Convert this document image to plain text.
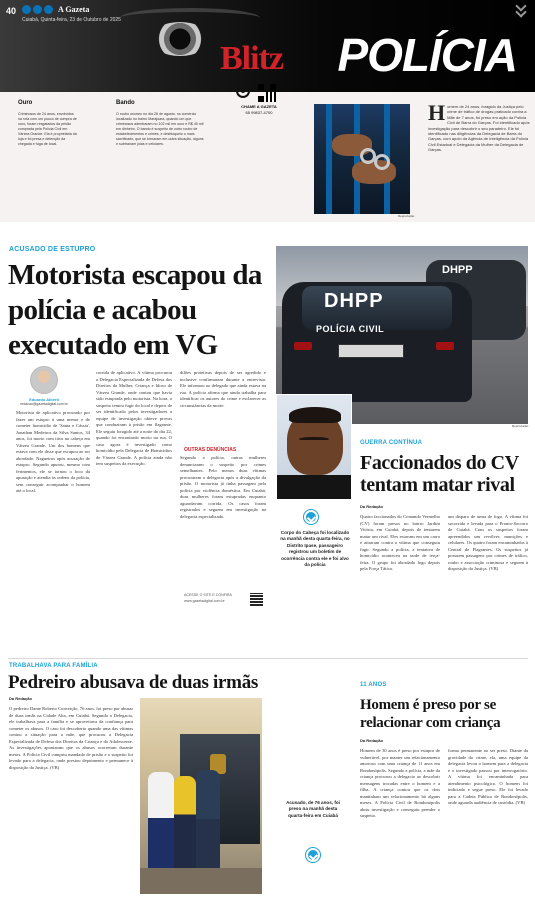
40	A Gazeta
Cuiabá, Quinta-feira, 23 de Outubro de 2025
POLÍCIA
Ouro

Criminosos de 24 anos, envolvidos na rota com um pouco de compra de ouro, foram resgatados da prisão comprada pela Polícia Civil em Várzea Grande. Ela é proprietária da loja e foi presa e detenção da chegada e fuga de local.

Bando

O roubo ocorreu no dia 26 de agosto, no comércio localizado no bairro Marajoara, quando um que criminosos adentraram no 102 mil em ouro e R$ 40 mil em dinheiro. O bando é suspeito de outro roubo de estabelecimentos e crimes, e desbloqueio o mais sacrificado, que se tornaram em outra situação, alguns e subtraíram joias e celulares.

Blitz
CHAME A GAZETA
65 99837-4700
Reprodução
H omem de 24 anos, foragido da Justiça pelo crime de tráfico de drogas praticado contra a Mãe de 7 anos, foi preso em ação da Polícia Civil de Barra do Garças. Foi identificado após investigação para descobrir o seu paradeiro. Ele foi identificado nas diligências da Delegacia de Barra do Garças, com apoio da Agência de Inteligência da Polícia Civil Estadual e Delegacia da Mulher da Delegacia de Garças.
ACUSADO DE ESTUPRO
Motorista escapou da polícia e acabou executado em VG
Eduardo Alberti
redacao@gazetadigital.com.br

Motorista de aplicativo procurado por fazer um estupro à uma menor e de cometer homicídio de 'Santa e Cássia', Jonathan Medeiros da Silva Santos, 34 anos, foi morto com tiros na cabeça em Várzea Grande. Um dos homens que estava com ele disse que escapou ao ser abordado. Nagueiros após acusação de estupro. Segundo apurou, mesmo com ferimentos, ele se tornou o foco da apuração e atendia às ordens da polícia, sem conseguir acompanhar o homem até o local.

corrida de aplicativo. A vítima procurou a Delegacia Especializada de Defesa dos Direitos da Mulher, Criança e Idoso de Várzea Grande, onde contou que havia sido estuprada pelo motorista. Na hora, o suspeito tentou fugir do local e depois de ser identificado pelos investigadores a equipe de investigação obteve provas que conduziram à prisão em flagrante. Ele seguiu foragido até a noite do dia 22, quando foi encontrado morto na rua. O caso agora é investigado como homicídio pela Delegacia de Homicídios de Várzea Grande. A polícia ainda não tem suspeitos da execução.

dilões protetivas depois de ser agredido e inclusive confirmaram durante a entrevista. Ele informou ao delegado que ainda estava na rua. A polícia afirma que ainda trabalha para identificar os autores do crime e esclarecer as circunstâncias da morte.

OUTRAS DENÚNCIAS

Segundo a polícia, outras mulheres denunciaram o suspeito por crimes semelhantes. Pelo menos duas vítimas procuraram a delegacia após a divulgação da prisão. O motorista já tinha passagem pela polícia por violência doméstica. Em Cuiabá, duas mulheres foram estupradas enquanto aguardavam corrida. Os casos foram registrados e seguem em investigação na delegacia especializada.

ACESSE O SITE E CONFIRA
www.gazetadigital.com.br
DHPP
DHPP
POLÍCIA CIVIL
Reprodução

Corpo do Cabeça foi localizado na manhã desta quarta-feira, no Distrito Ipase, passageiro registrou um boletim de ocorrência contra ele e foi alvo da polícia

GUERRA CONTÍNUA
Faccionados do CV tentam matar rival
Da Redação

Quatro faccionados do Comando Vermelho (CV) foram presos no bairro Jardim Vitória, em Cuiabá, depois de tentarem matar um rival. Eles estavam em um carro e atiraram contra a vítima que conseguiu fugir. Segundo a polícia, a tentativa de homicídio aconteceu na tarde de terça-feira. O grupo foi abordado logo depois pela Força Tática.

um disparo de arma de fogo. A vítima foi socorrida e levada para o Pronto-Socorro de Cuiabá. Com os suspeitos foram apreendidos um revólver, munições e celulares. Os quatro foram encaminhados à Central de Flagrantes. Os suspeitos já possuem passagens por crimes de tráfico, roubo e associação criminosa e seguem à disposição da Justiça. (VB)

TRABALHAVA PARA FAMÍLIA
Pedreiro abusava de duas irmãs
Da Redação

O pedreiro Dante Roberto Conceição, 76 anos, foi preso por abusar de duas irmãs na Cidade Alta, em Cuiabá. Segundo a Delegacia, ele trabalhava para a família e se aproveitava da confiança para cometer os abusos. O caso foi descoberto quando uma das vítimas contou a situação para a mãe, que procurou a Delegacia Especializada de Defesa dos Direitos da Criança e do Adolescente. As investigações apontaram que os abusos ocorreram durante meses. A Polícia Civil cumpriu mandado de prisão e o suspeito foi levado para a delegacia, onde prestou depoimento e permanece à disposição da Justiça. (VB)

Acusado, de 76 anos, foi preso na manhã desta quarta-feira em Cuiabá

11 ANOS
Homem é preso por se relacionar com criança
Da Redação

Homem de 30 anos é preso por estupro de vulnerável, por manter um relacionamento amoroso com uma criança de 11 anos em Rondonópolis. Segundo a polícia, a mãe da criança procurou a delegacia ao descobrir mensagens trocadas entre o homem e a filha. A criança contou que os dois mantinham um relacionamento há alguns meses. A Polícia Civil de Rondonópolis abriu investigação e conseguiu prender o suspeito.

forma permanente ao ser preso. Diante da gravidade do crime, ela, uma equipe da delegacia levou o homem para a delegacia e o investigado passou por interrogatório. A vítima foi encaminhada para atendimento psicológico. O homem foi indiciado e segue preso. Ele foi levado para a Cadeia Pública de Rondonópolis, onde aguarda audiência de custódia. (VB)
